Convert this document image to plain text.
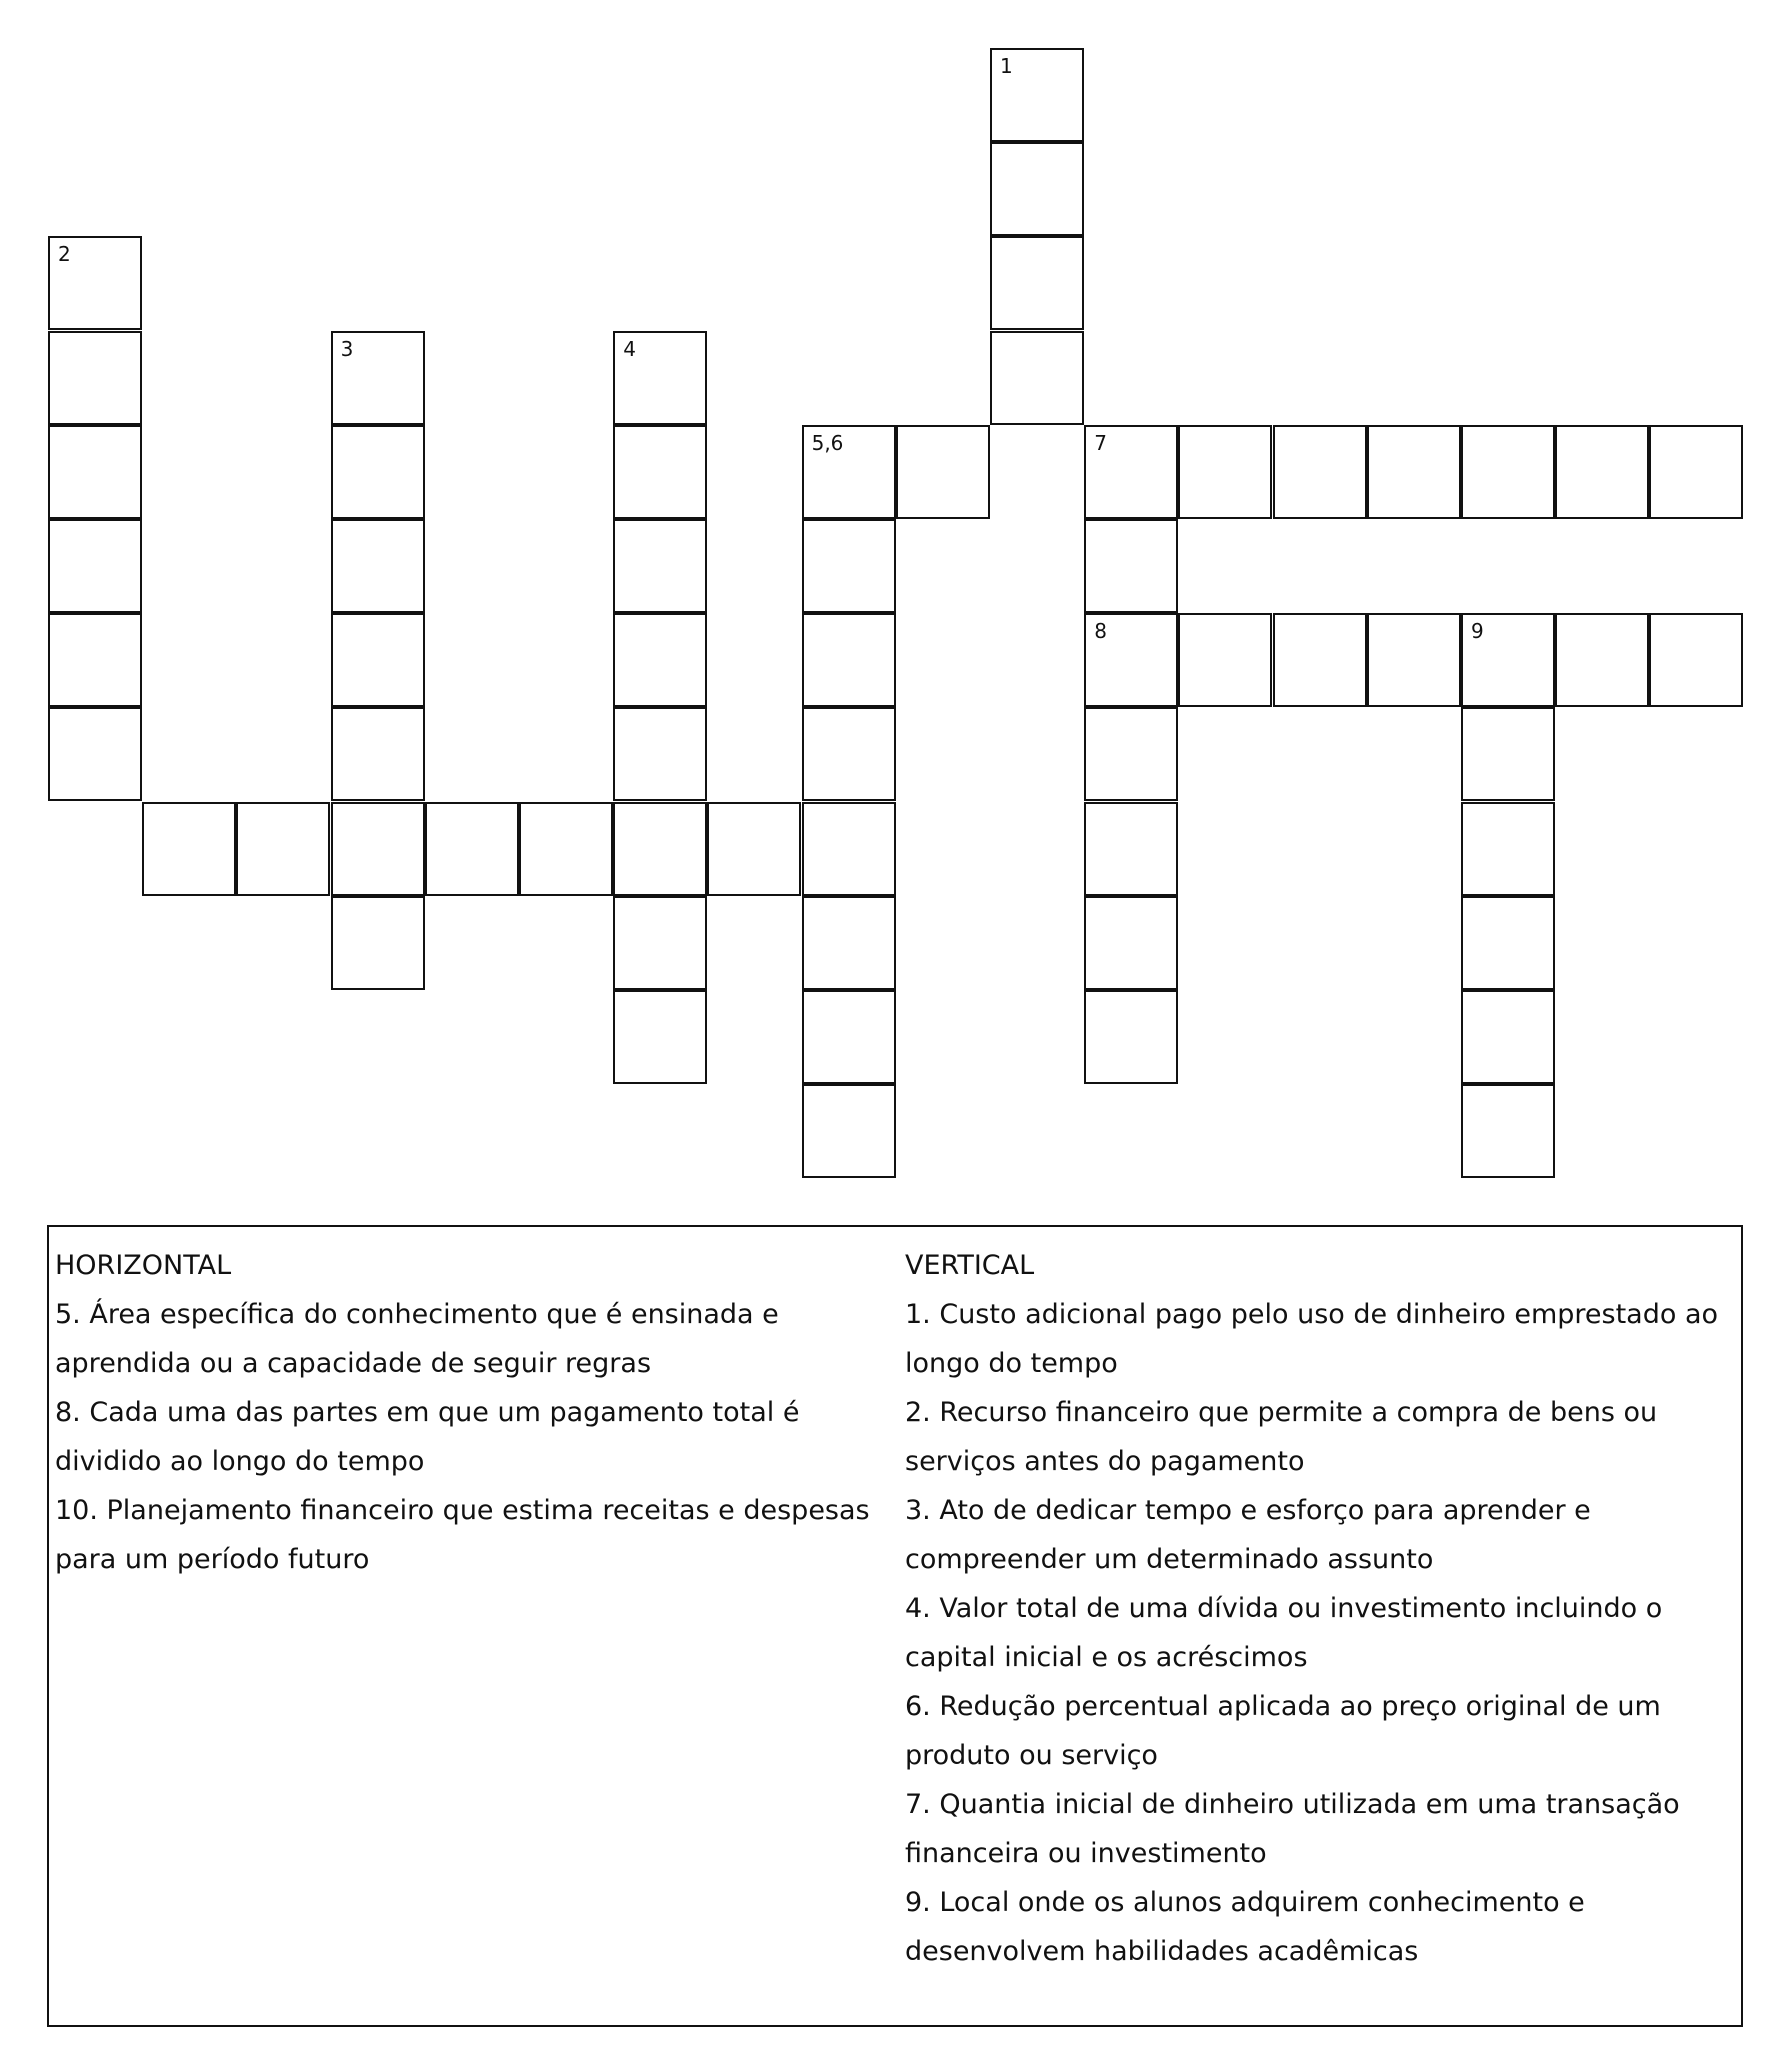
1
2
3	4
5,6	7
8	9
HORIZONTAL
5. Área específica do conhecimento que é ensinada e
aprendida ou a capacidade de seguir regras
8. Cada uma das partes em que um pagamento total é
dividido ao longo do tempo
10. Planejamento financeiro que estima receitas e despesas
para um período futuro
VERTICAL
1. Custo adicional pago pelo uso de dinheiro emprestado ao
longo do tempo
2. Recurso financeiro que permite a compra de bens ou
serviços antes do pagamento
3. Ato de dedicar tempo e esforço para aprender e
compreender um determinado assunto
4. Valor total de uma dívida ou investimento incluindo o
capital inicial e os acréscimos
6. Redução percentual aplicada ao preço original de um
produto ou serviço
7. Quantia inicial de dinheiro utilizada em uma transação
financeira ou investimento
9. Local onde os alunos adquirem conhecimento e
desenvolvem habilidades acadêmicas
